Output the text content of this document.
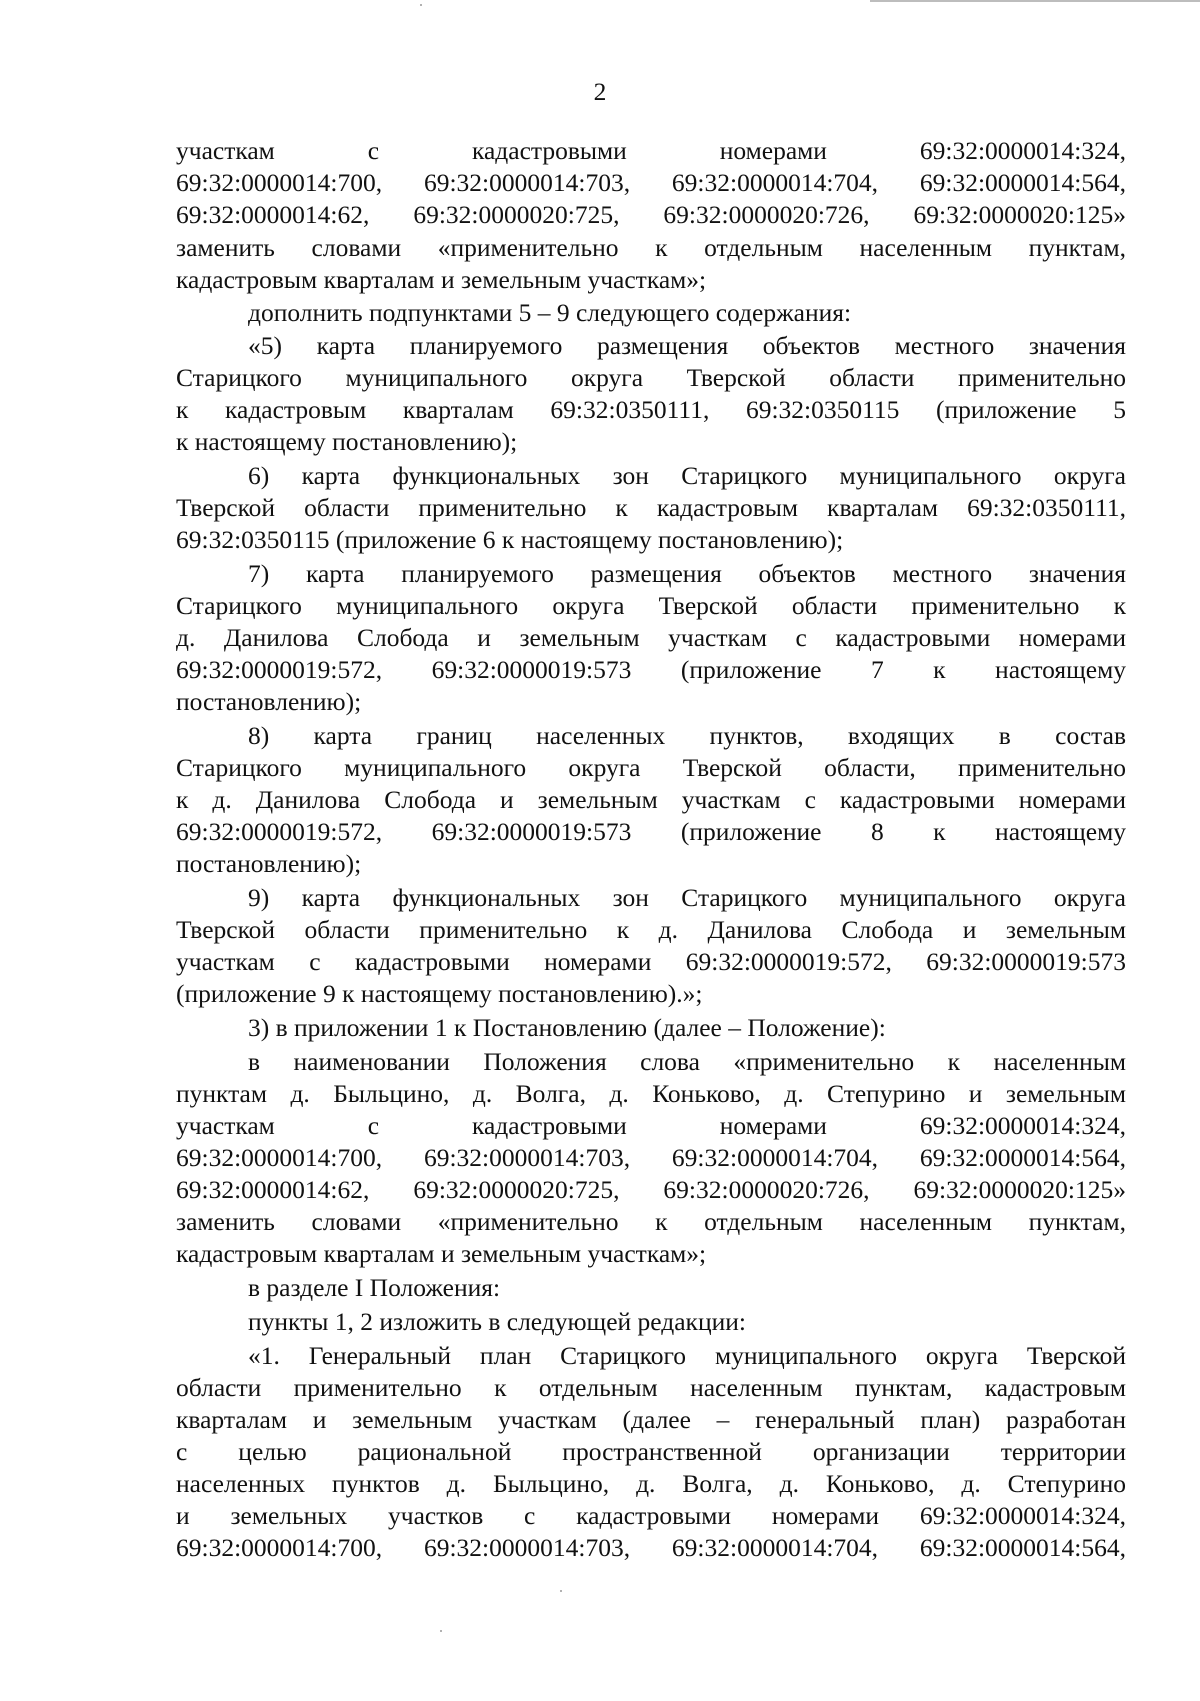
2
участкам с кадастровыми номерами 69:32:0000014:324,
69:32:0000014:700, 69:32:0000014:703, 69:32:0000014:704, 69:32:0000014:564,
69:32:0000014:62, 69:32:0000020:725, 69:32:0000020:726, 69:32:0000020:125»
заменить словами «применительно к отдельным населенным пунктам,
кадастровым кварталам и земельным участкам»;
дополнить подпунктами 5 – 9 следующего содержания:
«5) карта планируемого размещения объектов местного значения
Старицкого муниципального округа Тверской области применительно
к кадастровым кварталам 69:32:0350111, 69:32:0350115 (приложение 5
к настоящему постановлению);
6) карта функциональных зон Старицкого муниципального округа
Тверской области применительно к кадастровым кварталам 69:32:0350111,
69:32:0350115 (приложение 6 к настоящему постановлению);
7) карта планируемого размещения объектов местного значения
Старицкого муниципального округа Тверской области применительно к
д. Данилова Слобода и земельным участкам с кадастровыми номерами
69:32:0000019:572, 69:32:0000019:573 (приложение 7 к настоящему
постановлению);
8) карта границ населенных пунктов, входящих в состав
Старицкого муниципального округа Тверской области, применительно
к д. Данилова Слобода и земельным участкам с кадастровыми номерами
69:32:0000019:572, 69:32:0000019:573 (приложение 8 к настоящему
постановлению);
9) карта функциональных зон Старицкого муниципального округа
Тверской области применительно к д. Данилова Слобода и земельным
участкам с кадастровыми номерами 69:32:0000019:572, 69:32:0000019:573
(приложение 9 к настоящему постановлению).»;
3) в приложении 1 к Постановлению (далее – Положение):
в наименовании Положения слова «применительно к населенным
пунктам д. Быльцино, д. Волга, д. Коньково, д. Степурино и земельным
участкам с кадастровыми номерами 69:32:0000014:324,
69:32:0000014:700, 69:32:0000014:703, 69:32:0000014:704, 69:32:0000014:564,
69:32:0000014:62, 69:32:0000020:725, 69:32:0000020:726, 69:32:0000020:125»
заменить словами «применительно к отдельным населенным пунктам,
кадастровым кварталам и земельным участкам»;
в разделе I Положения:
пункты 1, 2 изложить в следующей редакции:
«1. Генеральный план Старицкого муниципального округа Тверской
области применительно к отдельным населенным пунктам, кадастровым
кварталам и земельным участкам (далее – генеральный план) разработан
с целью рациональной пространственной организации территории
населенных пунктов д. Быльцино, д. Волга, д. Коньково, д. Степурино
и земельных участков с кадастровыми номерами 69:32:0000014:324,
69:32:0000014:700, 69:32:0000014:703, 69:32:0000014:704, 69:32:0000014:564,
